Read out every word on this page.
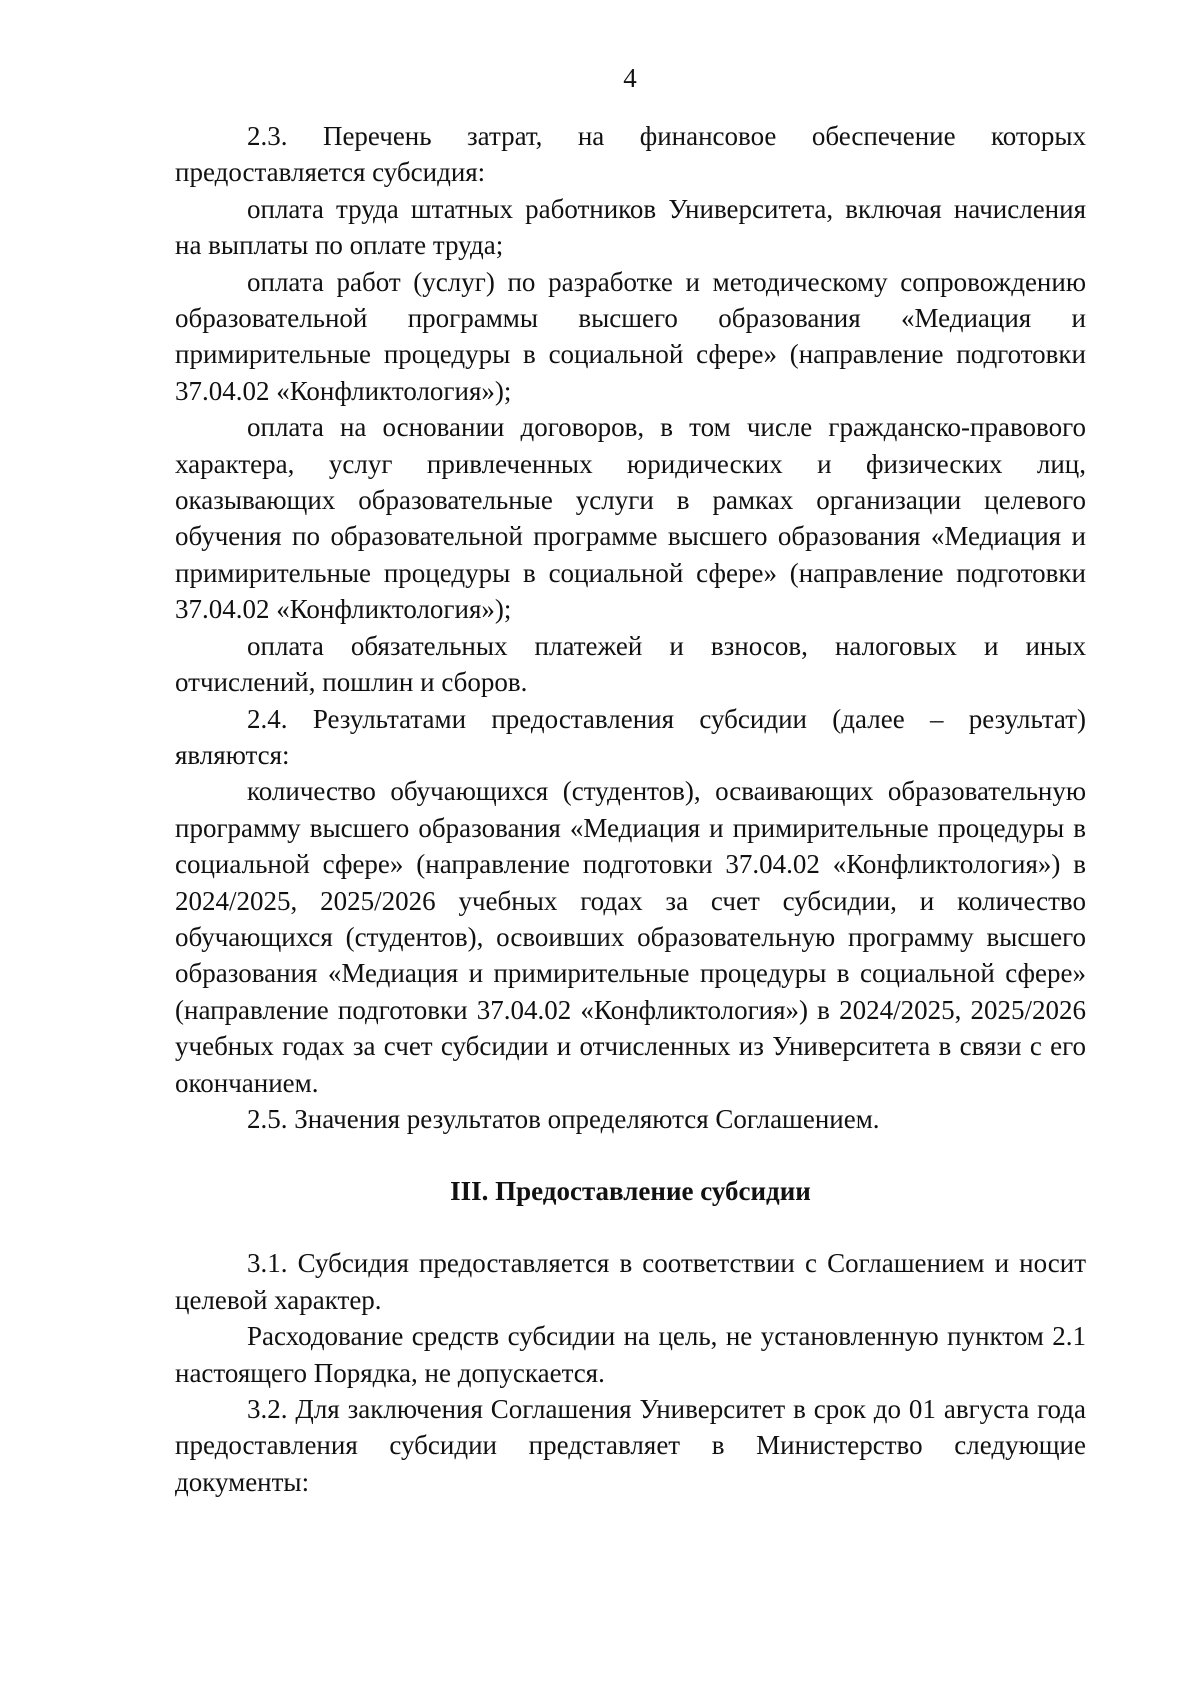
4

2.3. Перечень затрат, на финансовое обеспечение которых предоставляется субсидия:

оплата труда штатных работников Университета, включая начисления на выплаты по оплате труда;

оплата работ (услуг) по разработке и методическому сопровождению образовательной программы высшего образования «Медиация и примирительные процедуры в социальной сфере» (направление подготовки 37.04.02 «Конфликтология»);

оплата на основании договоров, в том числе гражданско-правового характера, услуг привлеченных юридических и физических лиц, оказывающих образовательные услуги в рамках организации целевого обучения по образовательной программе высшего образования «Медиация и примирительные процедуры в социальной сфере» (направление подготовки 37.04.02 «Конфликтология»);

оплата обязательных платежей и взносов, налоговых и иных отчислений, пошлин и сборов.

2.4. Результатами предоставления субсидии (далее – результат) являются:

количество обучающихся (студентов), осваивающих образовательную программу высшего образования «Медиация и примирительные процедуры в социальной сфере» (направление подготовки 37.04.02 «Конфликтология») в 2024/2025, 2025/2026 учебных годах за счет субсидии, и количество обучающихся (студентов), освоивших образовательную программу высшего образования «Медиация и примирительные процедуры в социальной сфере» (направление подготовки 37.04.02 «Конфликтология») в 2024/2025, 2025/2026 учебных годах за счет субсидии и отчисленных из Университета в связи с его окончанием.

2.5. Значения результатов определяются Соглашением.

III. Предоставление субсидии

3.1. Субсидия предоставляется в соответствии с Соглашением и носит целевой характер.

Расходование средств субсидии на цель, не установленную пунктом 2.1 настоящего Порядка, не допускается.

3.2. Для заключения Соглашения Университет в срок до 01 августа года предоставления субсидии представляет в Министерство следующие документы:
